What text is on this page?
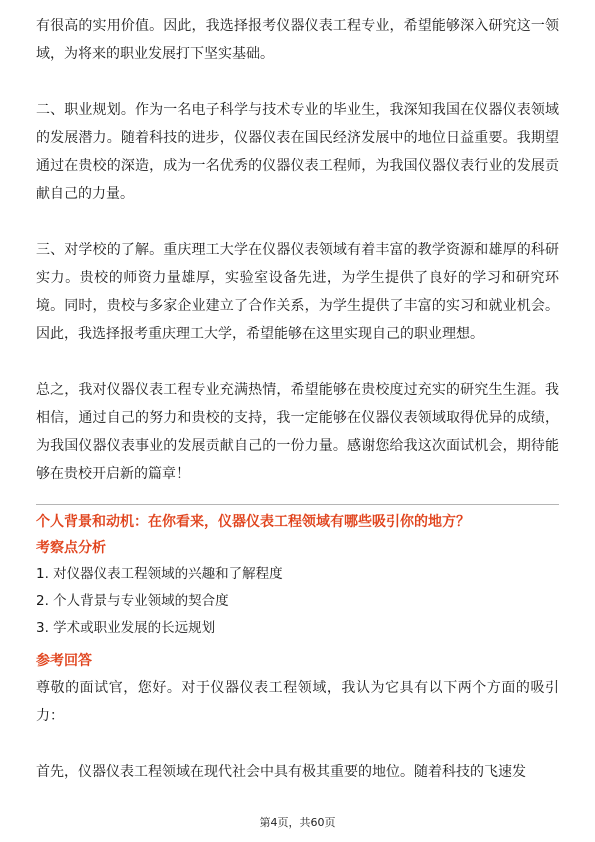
有很高的实用价值。因此，我选择报考仪器仪表工程专业，希望能够深入研究这一领域，为将来的职业发展打下坚实基础。

二、职业规划。作为一名电子科学与技术专业的毕业生，我深知我国在仪器仪表领域的发展潜力。随着科技的进步，仪器仪表在国民经济发展中的地位日益重要。我期望通过在贵校的深造，成为一名优秀的仪器仪表工程师，为我国仪器仪表行业的发展贡献自己的力量。

三、对学校的了解。重庆理工大学在仪器仪表领域有着丰富的教学资源和雄厚的科研实力。贵校的师资力量雄厚，实验室设备先进，为学生提供了良好的学习和研究环境。同时，贵校与多家企业建立了合作关系，为学生提供了丰富的实习和就业机会。因此，我选择报考重庆理工大学，希望能够在这里实现自己的职业理想。

总之，我对仪器仪表工程专业充满热情，希望能够在贵校度过充实的研究生生涯。我相信，通过自己的努力和贵校的支持，我一定能够在仪器仪表领域取得优异的成绩，为我国仪器仪表事业的发展贡献自己的一份力量。感谢您给我这次面试机会，期待能够在贵校开启新的篇章！

个人背景和动机：在你看来，仪器仪表工程领域有哪些吸引你的地方？

考察点分析

1. 对仪器仪表工程领域的兴趣和了解程度

2. 个人背景与专业领域的契合度

3. 学术或职业发展的长远规划

参考回答

尊敬的面试官，您好。对于仪器仪表工程领域，我认为它具有以下两个方面的吸引力：

首先，仪器仪表工程领域在现代社会中具有极其重要的地位。随着科技的飞速发

第4页，共60页
